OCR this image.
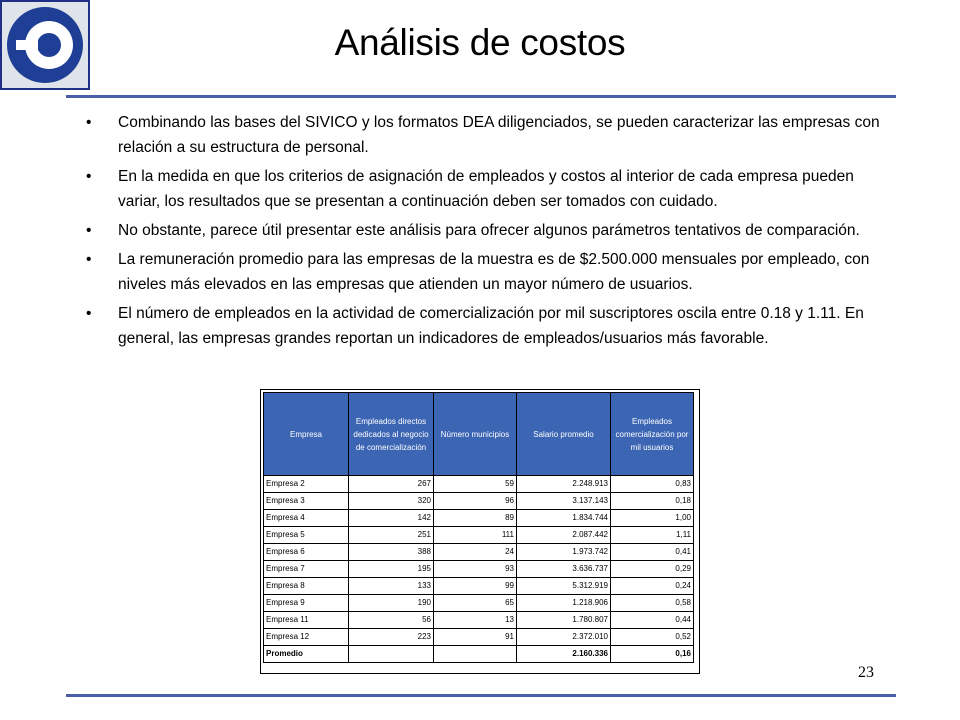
Análisis de costos
• Combinando las bases del SIVICO y los formatos DEA diligenciados, se pueden caracterizar las empresas con relación a su estructura de personal.
• En la medida en que los criterios de asignación de empleados y costos al interior de cada empresa pueden variar, los resultados que se presentan a continuación deben ser tomados con cuidado.
• No obstante, parece útil presentar este análisis para ofrecer algunos parámetros tentativos de comparación.
• La remuneración promedio para las empresas de la muestra es de $2.500.000 mensuales por empleado, con niveles más elevados en las empresas que atienden un mayor número de usuarios.
• El número de empleados en la actividad de comercialización por mil suscriptores oscila entre 0.18 y 1.11. En general, las empresas grandes reportan un indicadores de empleados/usuarios más favorable.
Empresa	Empleados directos dedicados al negocio de comercialización	Número municipios	Salario promedio	Empleados comercialización por mil usuarios
Empresa 2	267	59	2.248.913	0,83
Empresa 3	320	96	3.137.143	0,18
Empresa 4	142	89	1.834.744	1,00
Empresa 5	251	111	2.087.442	1,11
Empresa 6	388	24	1.973.742	0,41
Empresa 7	195	93	3.636.737	0,29
Empresa 8	133	99	5.312.919	0,24
Empresa 9	190	65	1.218.906	0,58
Empresa 11	56	13	1.780.807	0,44
Empresa 12	223	91	2.372.010	0,52
Promedio			2.160.336	0,16
23
